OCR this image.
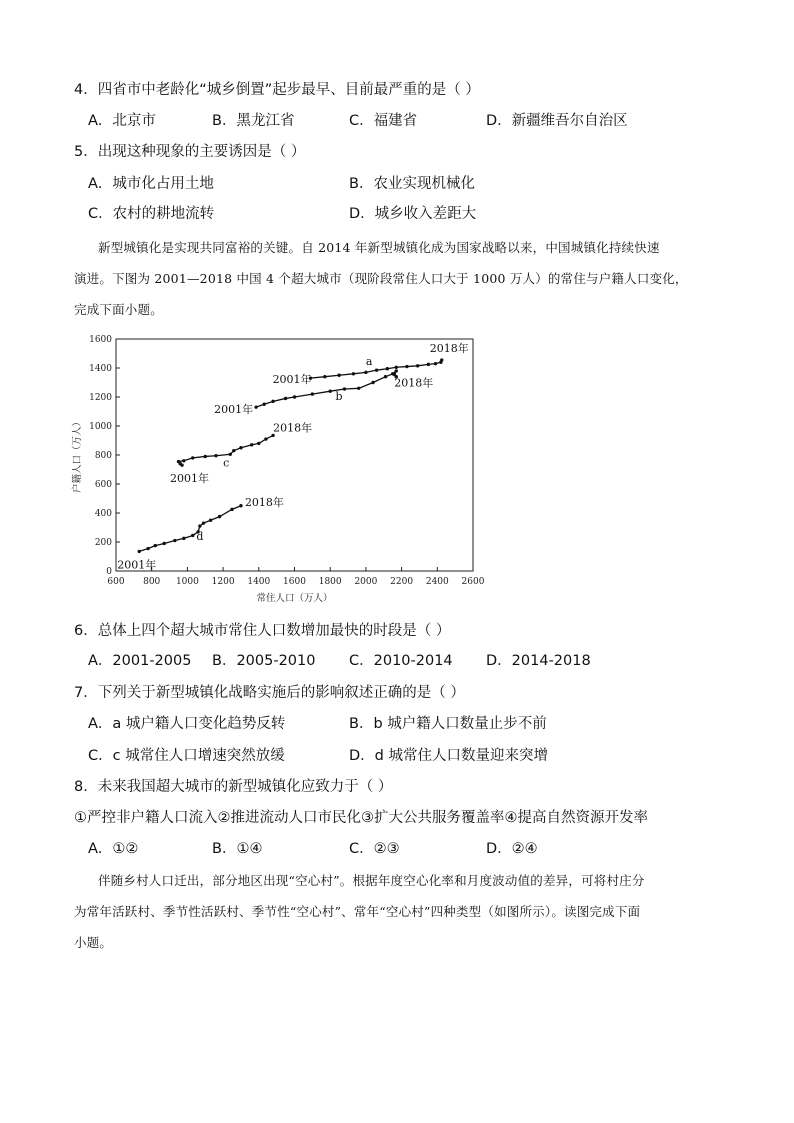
4．四省市中老龄化“城乡倒置”起步最早、目前最严重的是（ ）
A．北京市	B．黑龙江省	C．福建省	D．新疆维吾尔自治区
5．出现这种现象的主要诱因是（ ）
A．城市化占用土地	B．农业实现机械化
C．农村的耕地流转	D．城乡收入差距大
新型城镇化是实现共同富裕的关键。自 2014 年新型城镇化成为国家战略以来，中国城镇化持续快速
演进。下图为 2001—2018 中国 4 个超大城市（现阶段常住人口大于 1000 万人）的常住与户籍人口变化，
完成下面小题。
600 800 1000 1200 1400 1600 1800 2000 2200 2400 2600
0
200
400
600
800
1000
1200
1400
1600
常住人口（万人）
户籍人口（万人）
a
2001年
2018年
b
2001年
2018年
c
2001年
2018年
d
2001年
2018年
6．总体上四个超大城市常住人口数增加最快的时段是（ ）
A．2001-2005 B．2005-2010 C．2010-2014 D．2014-2018
7．下列关于新型城镇化战略实施后的影响叙述正确的是（ ）
A．a 城户籍人口变化趋势反转	B．b 城户籍人口数量止步不前
C．c 城常住人口增速突然放缓	D．d 城常住人口数量迎来突增
8．未来我国超大城市的新型城镇化应致力于（ ）
①严控非户籍人口流入②推进流动人口市民化③扩大公共服务覆盖率④提高自然资源开发率
A．①②	B．①④	C．②③	D．②④
伴随乡村人口迁出，部分地区出现“空心村”。根据年度空心化率和月度波动值的差异，可将村庄分
为常年活跃村、季节性活跃村、季节性“空心村”、常年“空心村”四种类型（如图所示）。读图完成下面
小题。
